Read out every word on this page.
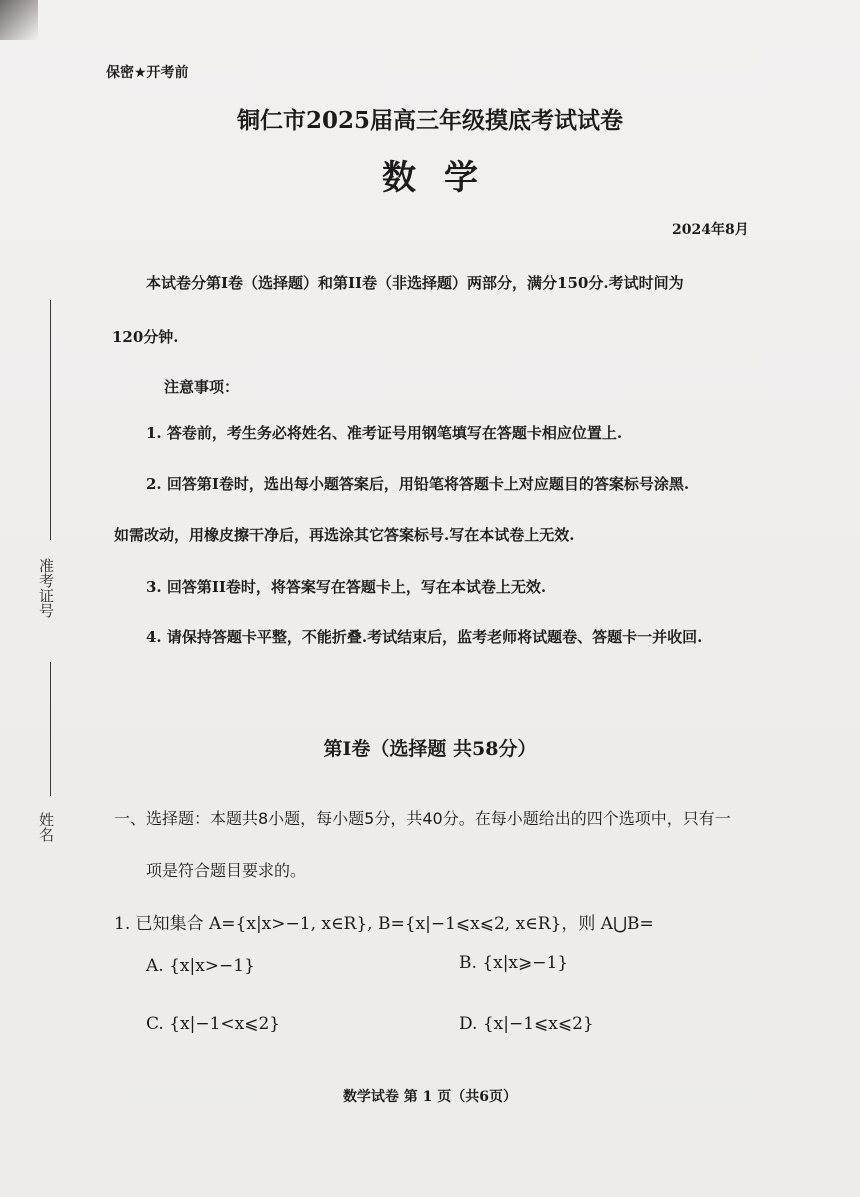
准考证号
姓名
保密★开考前
铜仁市2025届高三年级摸底考试试卷
数学
2024年8月
本试卷分第I卷（选择题）和第II卷（非选择题）两部分，满分150分.考试时间为
120分钟.
注意事项：
1. 答卷前，考生务必将姓名、准考证号用钢笔填写在答题卡相应位置上.
2. 回答第I卷时，选出每小题答案后，用铅笔将答题卡上对应题目的答案标号涂黑.
如需改动，用橡皮擦干净后，再选涂其它答案标号.写在本试卷上无效.
3. 回答第II卷时，将答案写在答题卡上，写在本试卷上无效.
4. 请保持答题卡平整，不能折叠.考试结束后，监考老师将试题卷、答题卡一并收回.
第I卷（选择题 共58分）
一、选择题：本题共8小题，每小题5分，共40分。在每小题给出的四个选项中，只有一
项是符合题目要求的。
1. 已知集合 A={x|x>−1, x∈R}, B={x|−1⩽x⩽2, x∈R}，则 A⋃B=
A. {x|x>−1}	B. {x|x⩾−1}
C. {x|−1<x⩽2}	D. {x|−1⩽x⩽2}
数学试卷 第 1 页（共6页）
